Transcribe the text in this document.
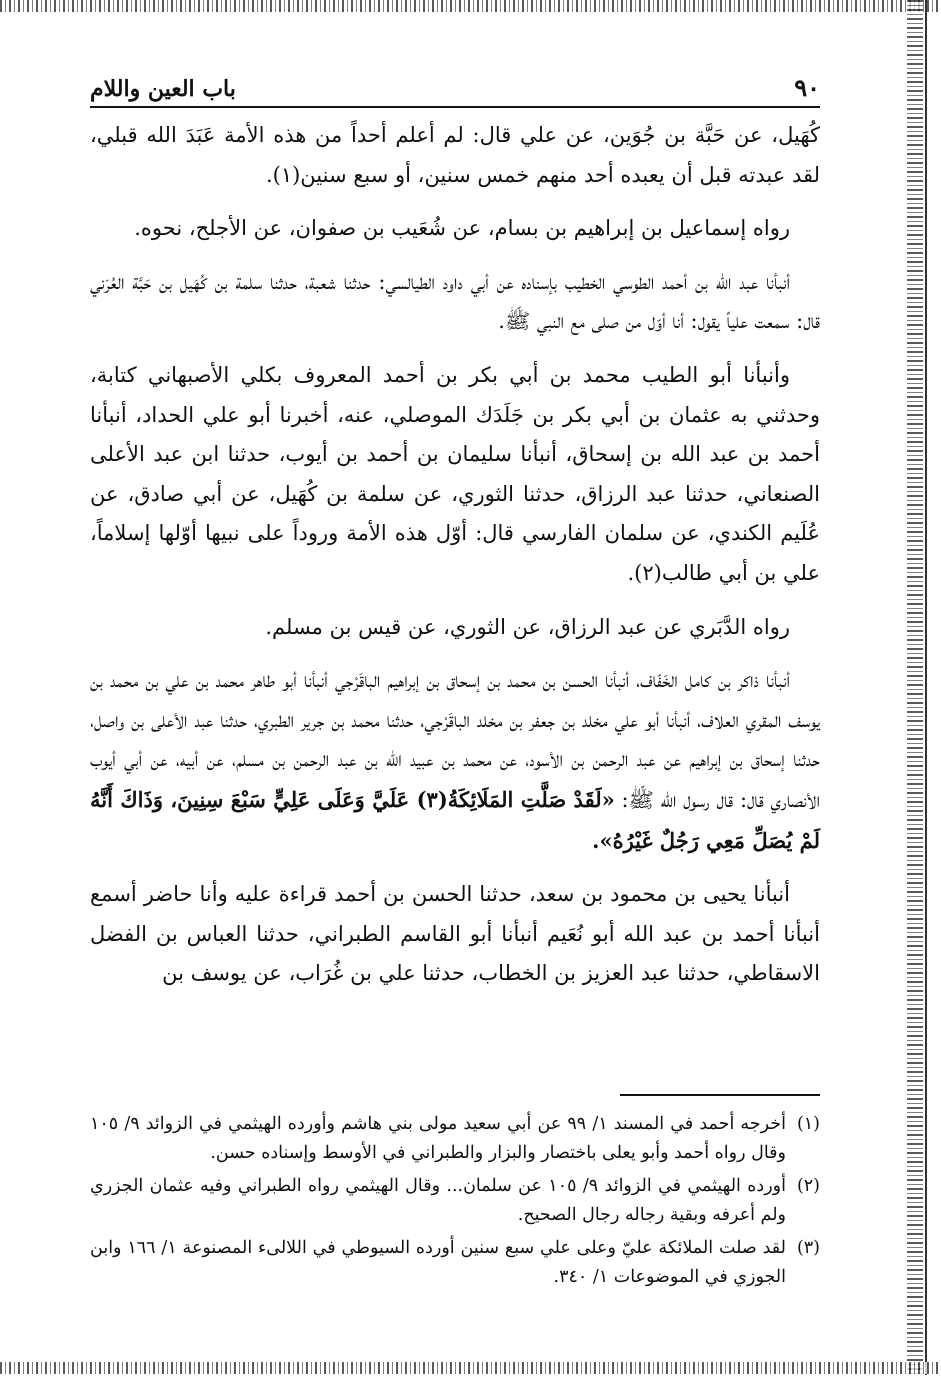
٩٠
باب العين واللام

كُهَيل، عن حَبَّة بن جُوَين، عن علي قال: لم أعلم أحداً من هذه الأمة عَبَدَ الله قبلي، لقد عبدته قبل أن يعبده أحد منهم خمس سنين، أو سبع سنين(١).

رواه إسماعيل بن إبراهيم بن بسام، عن شُعَيب بن صفوان، عن الأجلح، نحوه.

أنبأنا عبد الله بن أحمد الطوسي الخطيب بإسناده عن أبي داود الطيالسي: حدثنا شعبة، حدثنا سلمة بن كُهَيل بن حَبَّة العُرَني قال: سمعت علياً يقول: أنا أوّل من صلى مع النبي ﷺ.

وأنبأنا أبو الطيب محمد بن أبي بكر بن أحمد المعروف بكلي الأصبهاني كتابة، وحدثني به عثمان بن أبي بكر بن جَلَدَك الموصلي، عنه، أخبرنا أبو علي الحداد، أنبأنا أحمد بن عبد الله بن إسحاق، أنبأنا سليمان بن أحمد بن أيوب، حدثنا ابن عبد الأعلى الصنعاني، حدثنا عبد الرزاق، حدثنا الثوري، عن سلمة بن كُهَيل، عن أبي صادق، عن عُلَيم الكندي، عن سلمان الفارسي قال: أوّل هذه الأمة وروداً على نبيها أوّلها إسلاماً، علي بن أبي طالب(٢).

رواه الدَّبَري عن عبد الرزاق، عن الثوري، عن قيس بن مسلم.

أنبأنا ذاكر بن كامل الخَفّاف، أنبأنا الحسن بن محمد بن إسحاق بن إبراهيم الباقَرْجي أنبأنا أبو طاهر محمد بن علي بن محمد بن يوسف المقري العلاف، أنبأنا أبو علي مخلد بن جعفر بن مخلد الباقَرْجي، حدثنا محمد بن جرير الطبري، حدثنا عبد الأعلى بن واصل، حدثنا إسحاق بن إبراهيم عن عبد الرحمن بن الأسود، عن محمد بن عبيد الله بن عبد الرحمن بن مسلم، عن أبيه، عن أبي أيوب الأنصاري قال: قال رسول الله ﷺ: «لَقَدْ صَلَّتِ المَلَائِكَةُ(٣) عَلَيَّ وَعَلَى عَلِيٍّ سَبْعَ سِنِينَ، وَذَاكَ أَنَّهُ لَمْ يُصَلِّ مَعِي رَجُلٌ غَيْرُهُ».

أنبأنا يحيى بن محمود بن سعد، حدثنا الحسن بن أحمد قراءة عليه وأنا حاضر أسمع أنبأنا أحمد بن عبد الله أبو نُعَيم أنبأنا أبو القاسم الطبراني، حدثنا العباس بن الفضل الاسقاطي، حدثنا عبد العزيز بن الخطاب، حدثنا علي بن غُرَاب، عن يوسف بن

(١)
أخرجه أحمد في المسند ١/ ٩٩ عن أبي سعيد مولى بني هاشم وأورده الهيثمي في الزوائد ٩/ ١٠٥ وقال رواه أحمد وأبو يعلى باختصار والبزار والطبراني في الأوسط وإسناده حسن.
(٢)
أورده الهيثمي في الزوائد ٩/ ١٠٥ عن سلمان... وقال الهيثمي رواه الطبراني وفيه عثمان الجزري ولم أعرفه وبقية رجاله رجال الصحيح.
(٣)
لقد صلت الملائكة عليّ وعلى علي سبع سنين أورده السيوطي في اللالىء المصنوعة ١/ ١٦٦ وابن الجوزي في الموضوعات ١/ ٣٤٠.
